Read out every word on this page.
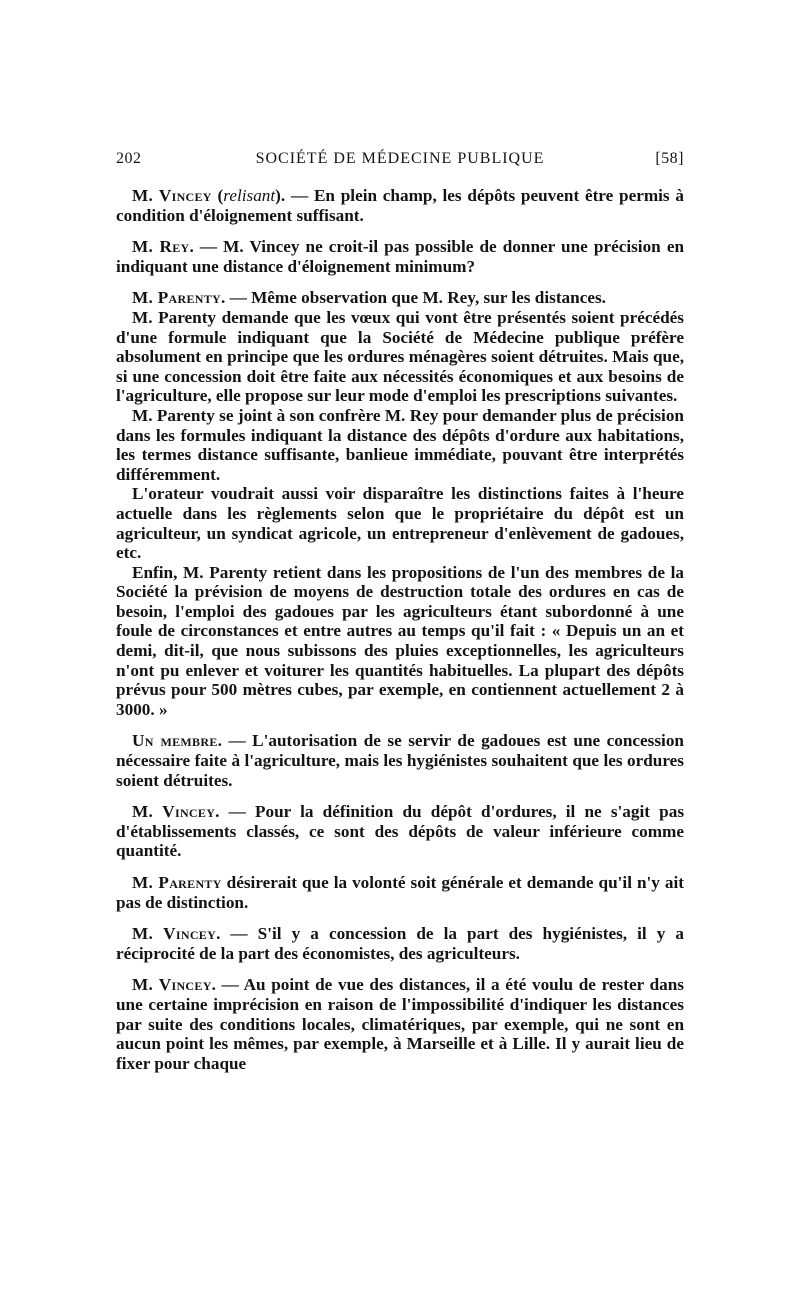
202	SOCIÉTÉ DE MÉDECINE PUBLIQUE	[58]

M. Vincey (relisant). — En plein champ, les dépôts peuvent être permis à condition d'éloignement suffisant.

M. Rey. — M. Vincey ne croit-il pas possible de donner une précision en indiquant une distance d'éloignement minimum?

M. Parenty. — Même observation que M. Rey, sur les distances.

M. Parenty demande que les vœux qui vont être présentés soient précédés d'une formule indiquant que la Société de Médecine publique préfère absolument en principe que les ordures ménagères soient détruites. Mais que, si une concession doit être faite aux nécessités économiques et aux besoins de l'agriculture, elle propose sur leur mode d'emploi les prescriptions suivantes.

M. Parenty se joint à son confrère M. Rey pour demander plus de précision dans les formules indiquant la distance des dépôts d'ordure aux habitations, les termes distance suffisante, banlieue immédiate, pouvant être interprétés différemment.

L'orateur voudrait aussi voir disparaître les distinctions faites à l'heure actuelle dans les règlements selon que le propriétaire du dépôt est un agriculteur, un syndicat agricole, un entrepreneur d'enlèvement de gadoues, etc.

Enfin, M. Parenty retient dans les propositions de l'un des membres de la Société la prévision de moyens de destruction totale des ordures en cas de besoin, l'emploi des gadoues par les agriculteurs étant subordonné à une foule de circonstances et entre autres au temps qu'il fait : « Depuis un an et demi, dit-il, que nous subissons des pluies exceptionnelles, les agriculteurs n'ont pu enlever et voiturer les quantités habituelles. La plupart des dépôts prévus pour 500 mètres cubes, par exemple, en contiennent actuellement 2 à 3000. »

Un membre. — L'autorisation de se servir de gadoues est une concession nécessaire faite à l'agriculture, mais les hygiénistes souhaitent que les ordures soient détruites.

M. Vincey. — Pour la définition du dépôt d'ordures, il ne s'agit pas d'établissements classés, ce sont des dépôts de valeur inférieure comme quantité.

M. Parenty désirerait que la volonté soit générale et demande qu'il n'y ait pas de distinction.

M. Vincey. — S'il y a concession de la part des hygiénistes, il y a réciprocité de la part des économistes, des agriculteurs.

M. Vincey. — Au point de vue des distances, il a été voulu de rester dans une certaine imprécision en raison de l'impossibilité d'indiquer les distances par suite des conditions locales, climatériques, par exemple, qui ne sont en aucun point les mêmes, par exemple, à Marseille et à Lille. Il y aurait lieu de fixer pour chaque
